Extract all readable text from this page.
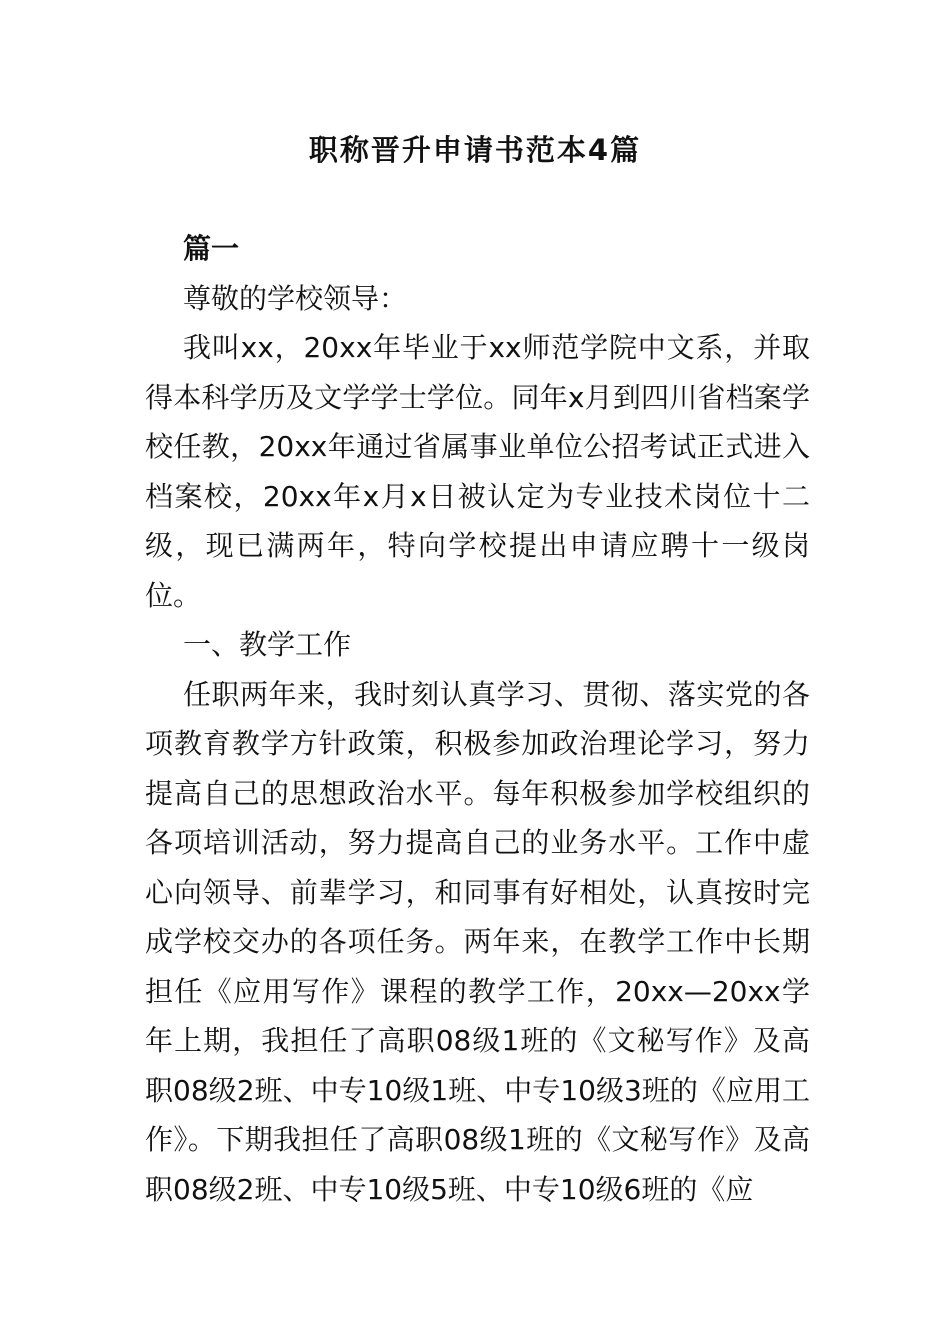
职称晋升申请书范本4篇

篇一

尊敬的学校领导：

我叫xx，20xx年毕业于xx师范学院中文系，并取得本科学历及文学学士学位。同年x月到四川省档案学校任教，20xx年通过省属事业单位公招考试正式进入档案校，20xx年x月x日被认定为专业技术岗位十二级，现已满两年，特向学校提出申请应聘十一级岗位。

一、教学工作

任职两年来，我时刻认真学习、贯彻、落实党的各项教育教学方针政策，积极参加政治理论学习，努力提高自己的思想政治水平。每年积极参加学校组织的各项培训活动，努力提高自己的业务水平。工作中虚心向领导、前辈学习，和同事有好相处，认真按时完成学校交办的各项任务。两年来，在教学工作中长期担任《应用写作》课程的教学工作，20xx—20xx学年上期，我担任了高职08级1班的《文秘写作》及高职08级2班、中专10级1班、中专10级3班的《应用工作》。下期我担任了高职08级1班的《文秘写作》及高职08级2班、中专10级5班、中专10级6班的《应
